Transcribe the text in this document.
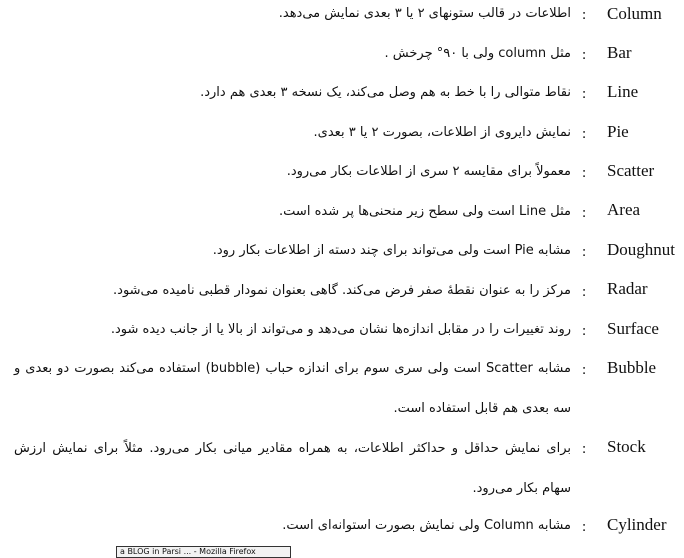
اطلاعات در قالب ستونهای ۲ یا ۳ بعدی نمایش می‌دهد. : Column
مثل column ولی با ۹۰° چرخش . : Bar
نقاط متوالی را با خط به هم وصل می‌کند، یک نسخه ۳ بعدی هم دارد. : Line
نمایش دایروی از اطلاعات، بصورت ۲ یا ۳ بعدی. : Pie
معمولاً برای مقایسه ۲ سری از اطلاعات بکار می‌رود. : Scatter
مثل Line است ولی سطح زیر منحنی‌ها پر شده است. : Area
مشابه Pie است ولی می‌تواند برای چند دسته از اطلاعات بکار رود. : Doughnut
مرکز را به عنوان نقطهٔ صفر فرض می‌کند. گاهی بعنوان نمودار قطبی نامیده می‌شود. : Radar
روند تغییرات را در مقابل اندازه‌ها نشان می‌دهد و می‌تواند از بالا یا از جانب دیده شود. : Surface
مشابه Scatter است ولی سری سوم برای اندازه حباب (bubble) استفاده می‌کند بصورت دو بعدی و سه بعدی هم قابل استفاده است.
: Bubble
برای نمایش حداقل و حداکثر اطلاعات، به همراه مقادیر میانی بکار می‌رود. مثلاً برای نمایش ارزش سهام بکار می‌رود.
: Stock
مشابه Column ولی نمایش بصورت استوانه‌ای است. : Cylinder
a BLOG in Parsi ... - Mozilla Firefox
